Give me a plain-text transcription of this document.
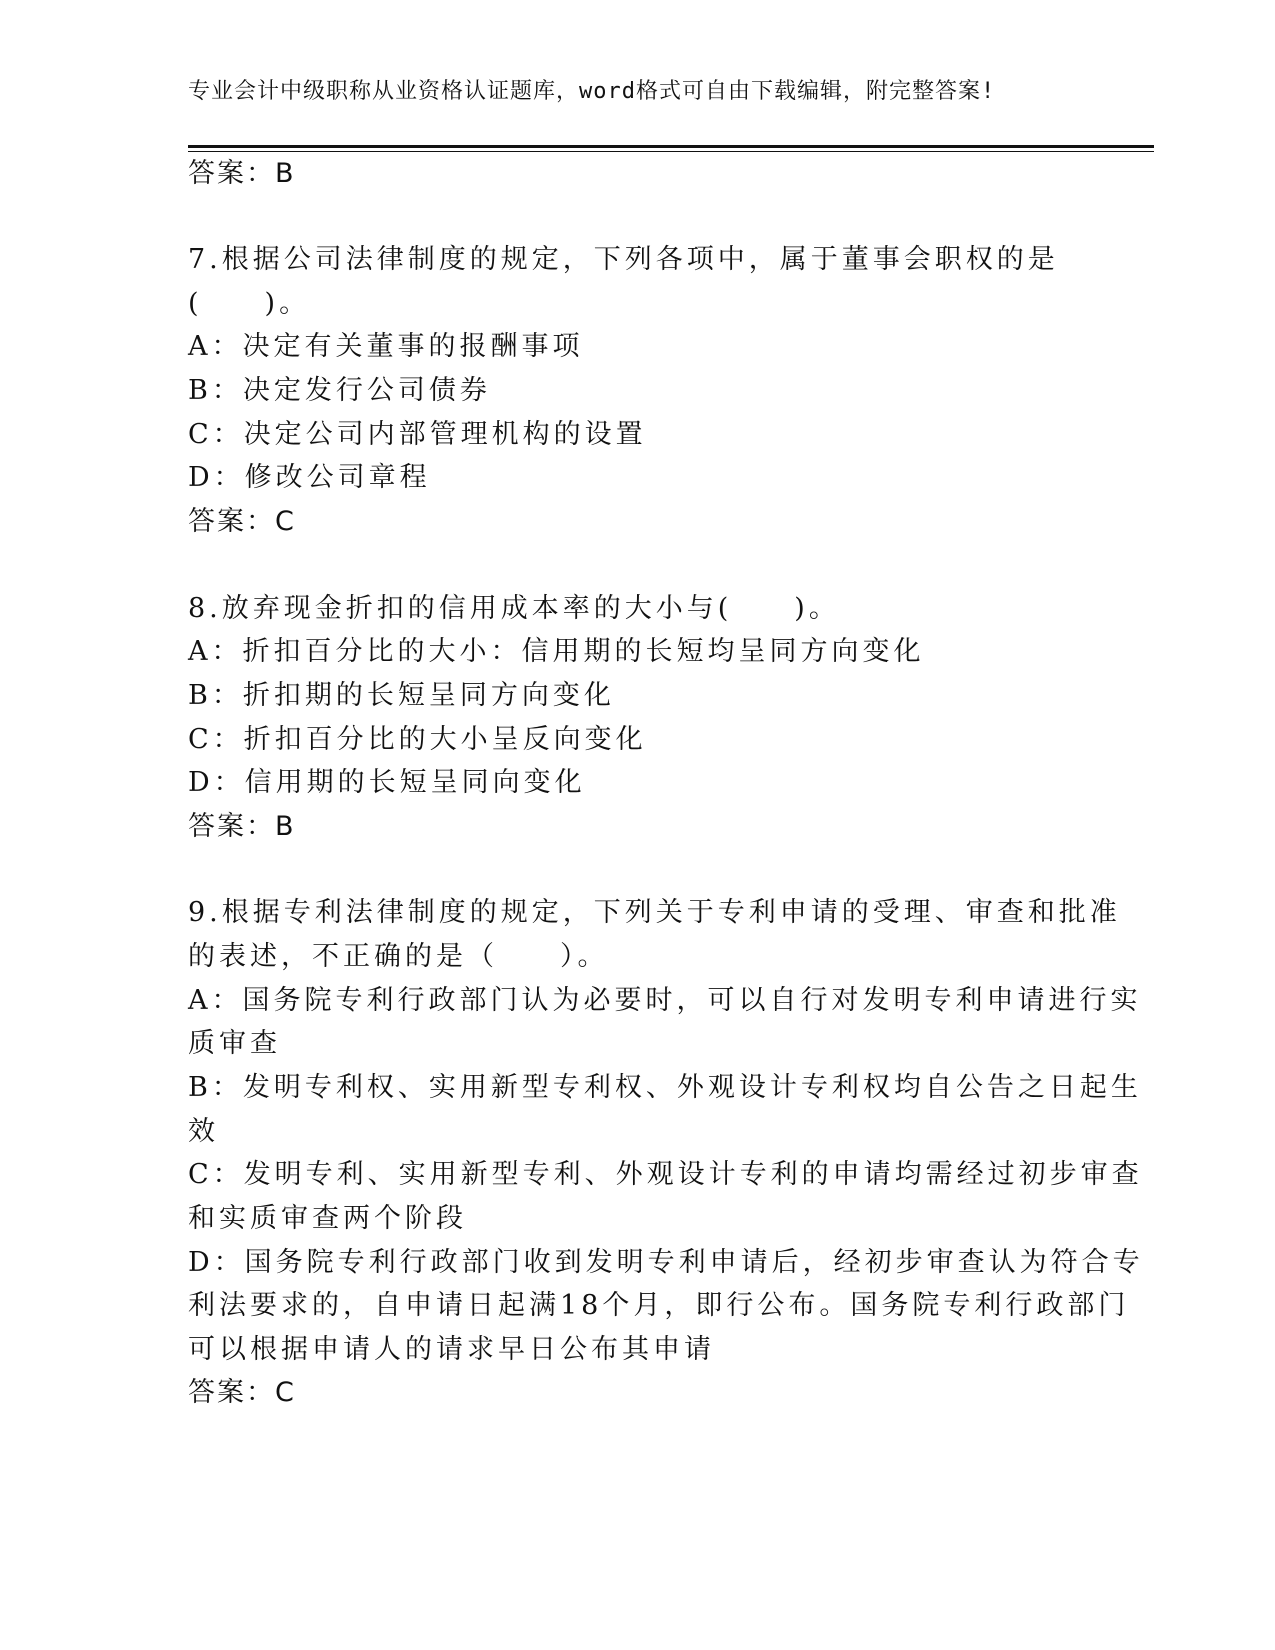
专业会计中级职称从业资格认证题库，word格式可自由下载编辑，附完整答案!
答案：B
7.根据公司法律制度的规定，下列各项中，属于董事会职权的是
(　　)。
A：决定有关董事的报酬事项
B：决定发行公司债券
C：决定公司内部管理机构的设置
D：修改公司章程
答案：C
8.放弃现金折扣的信用成本率的大小与(　　)。
A：折扣百分比的大小：信用期的长短均呈同方向变化
B：折扣期的长短呈同方向变化
C：折扣百分比的大小呈反向变化
D：信用期的长短呈同向变化
答案：B
9.根据专利法律制度的规定，下列关于专利申请的受理、审查和批准
的表述，不正确的是（　　）。
A：国务院专利行政部门认为必要时，可以自行对发明专利申请进行实
质审查
B：发明专利权、实用新型专利权、外观设计专利权均自公告之日起生
效
C：发明专利、实用新型专利、外观设计专利的申请均需经过初步审查
和实质审查两个阶段
D：国务院专利行政部门收到发明专利申请后，经初步审查认为符合专
利法要求的，自申请日起满18个月，即行公布。国务院专利行政部门
可以根据申请人的请求早日公布其申请
答案：C
